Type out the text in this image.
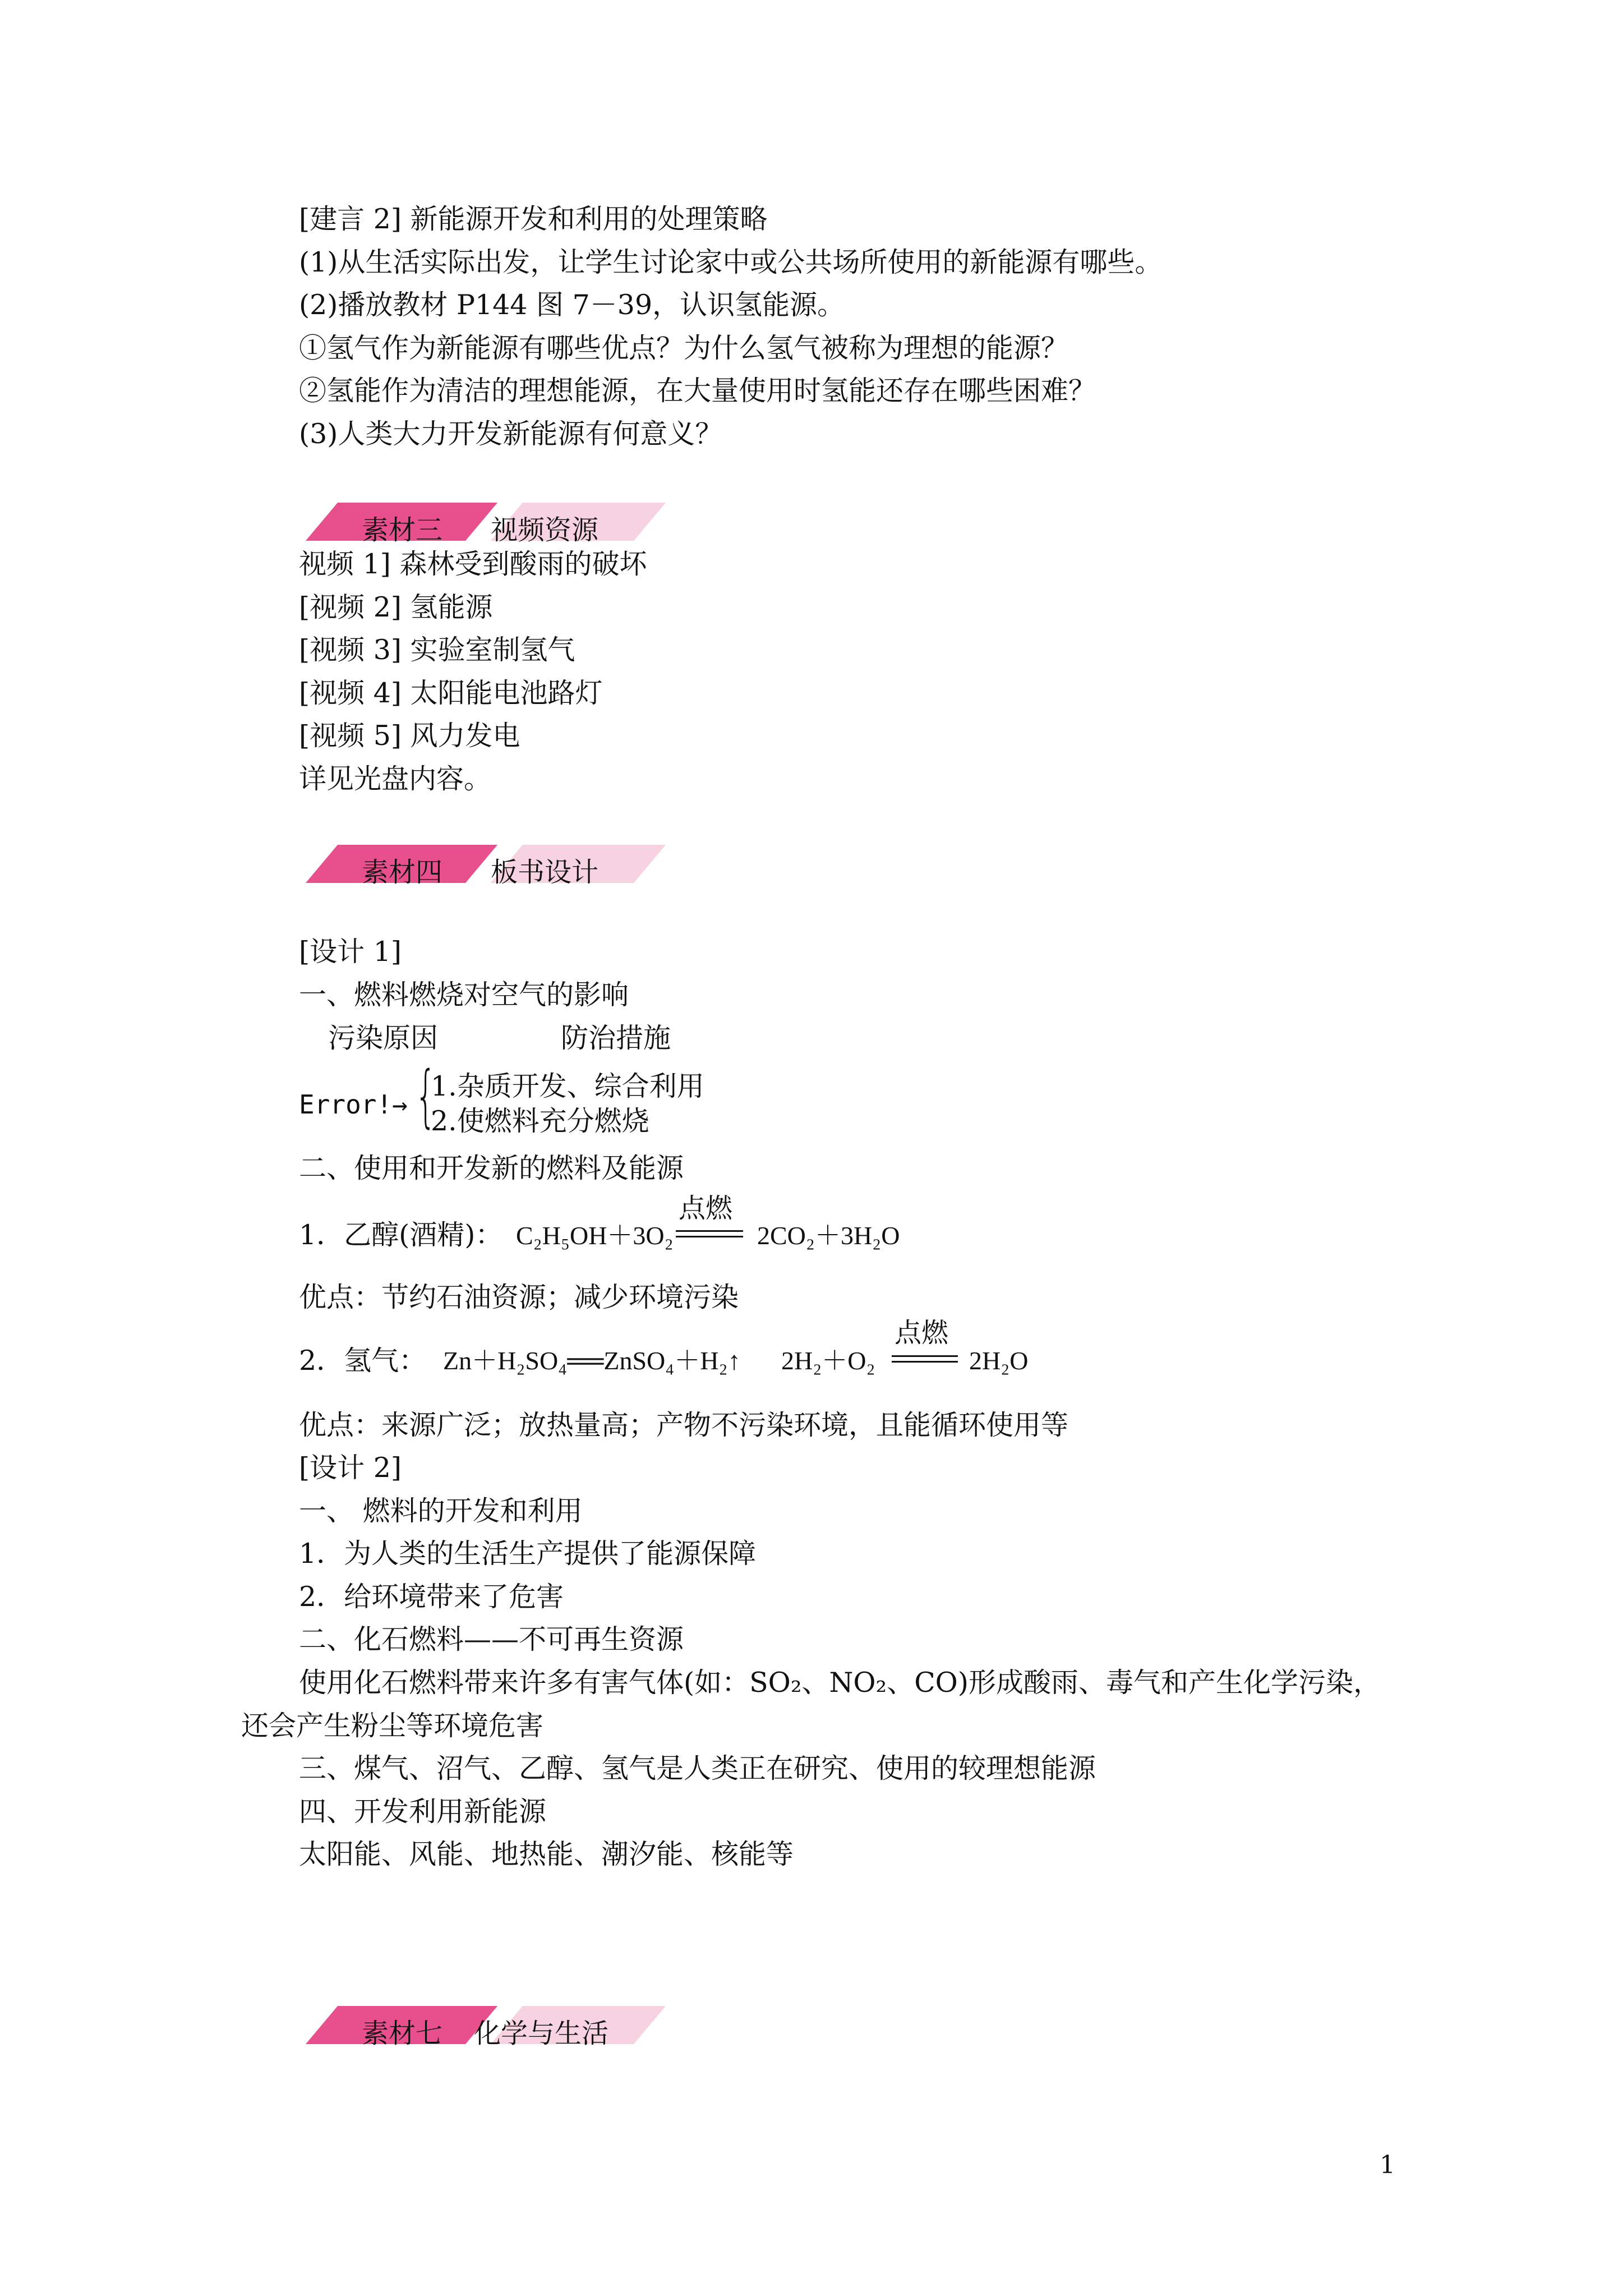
[建言 2] 新能源开发和利用的处理策略
(1)从生活实际出发，让学生讨论家中或公共场所使用的新能源有哪些。
(2)播放教材 P144 图 7－39，认识氢能源。
①氢气作为新能源有哪些优点？为什么氢气被称为理想的能源？
②氢能作为清洁的理想能源，在大量使用时氢能还存在哪些困难？
(3)人类大力开发新能源有何意义？
素材三 视频资源
视频 1] 森林受到酸雨的破坏
[视频 2] 氢能源
[视频 3] 实验室制氢气
[视频 4] 太阳能电池路灯
[视频 5] 风力发电
详见光盘内容。
素材四 板书设计
[设计 1]
一、燃料燃烧对空气的影响
污染原因	防治措施
Error!→ {
1.杂质开发、综合利用
2.使燃料充分燃烧
二、使用和开发新的燃料及能源
1．乙醇(酒精)： C₂H₅OH＋3O₂
点燃
2CO₂＋3H₂O
优点：节约石油资源；减少环境污染
2．氢气： Zn＋H₂SO₄══ZnSO₄＋H₂↑ 2H₂＋O₂
点燃
2H₂O
优点：来源广泛；放热量高；产物不污染环境，且能循环使用等
[设计 2]
一、 燃料的开发和利用
1．为人类的生活生产提供了能源保障
2．给环境带来了危害
二、化石燃料——不可再生资源
使用化石燃料带来许多有害气体(如：SO₂、NO₂、CO)形成酸雨、毒气和产生化学污染，
还会产生粉尘等环境危害
三、煤气、沼气、乙醇、氢气是人类正在研究、使用的较理想能源
四、开发利用新能源
太阳能、风能、地热能、潮汐能、核能等
素材七 化学与生活
1
